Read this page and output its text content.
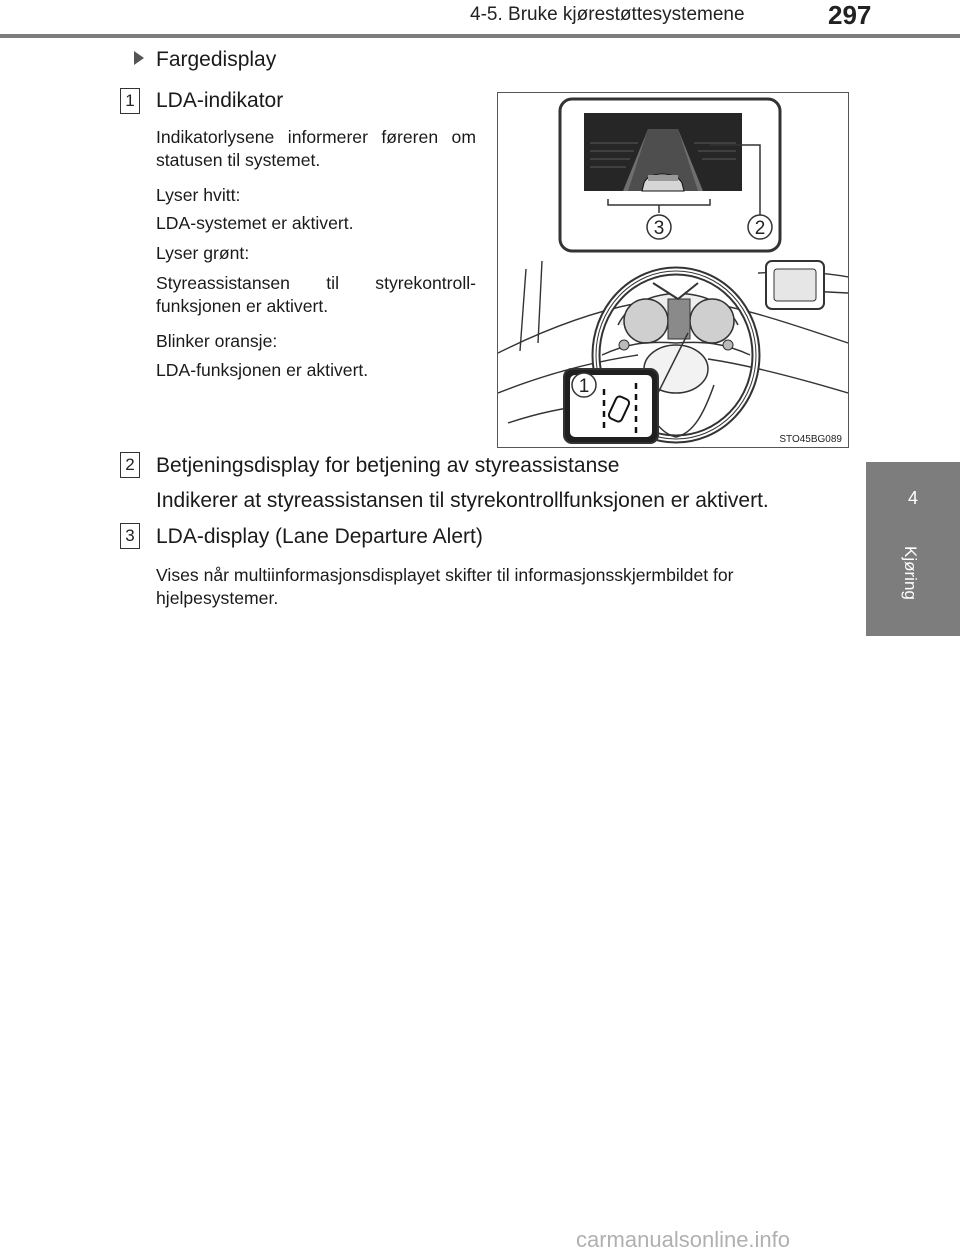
4-5. Bruke kjørestøttesystemene	297
4
Kjøring
Fargedisplay
1 LDA-indikator
Indikatorlysene informerer føreren om statusen til systemet.
Lyser hvitt:
LDA-systemet er aktivert.
Lyser grønt:
Styreassistansen til styrekontroll-funksjonen er aktivert.
Blinker oransje:
LDA-funksjonen er aktivert.
3	2
1
STO45BG089
2 Betjeningsdisplay for betjening av styreassistanse
Indikerer at styreassistansen til styrekontrollfunksjonen er aktivert.
3 LDA-display (Lane Departure Alert)
Vises når multiinformasjonsdisplayet skifter til informasjonsskjermbildet for hjelpesystemer.
carmanualsonline.info
